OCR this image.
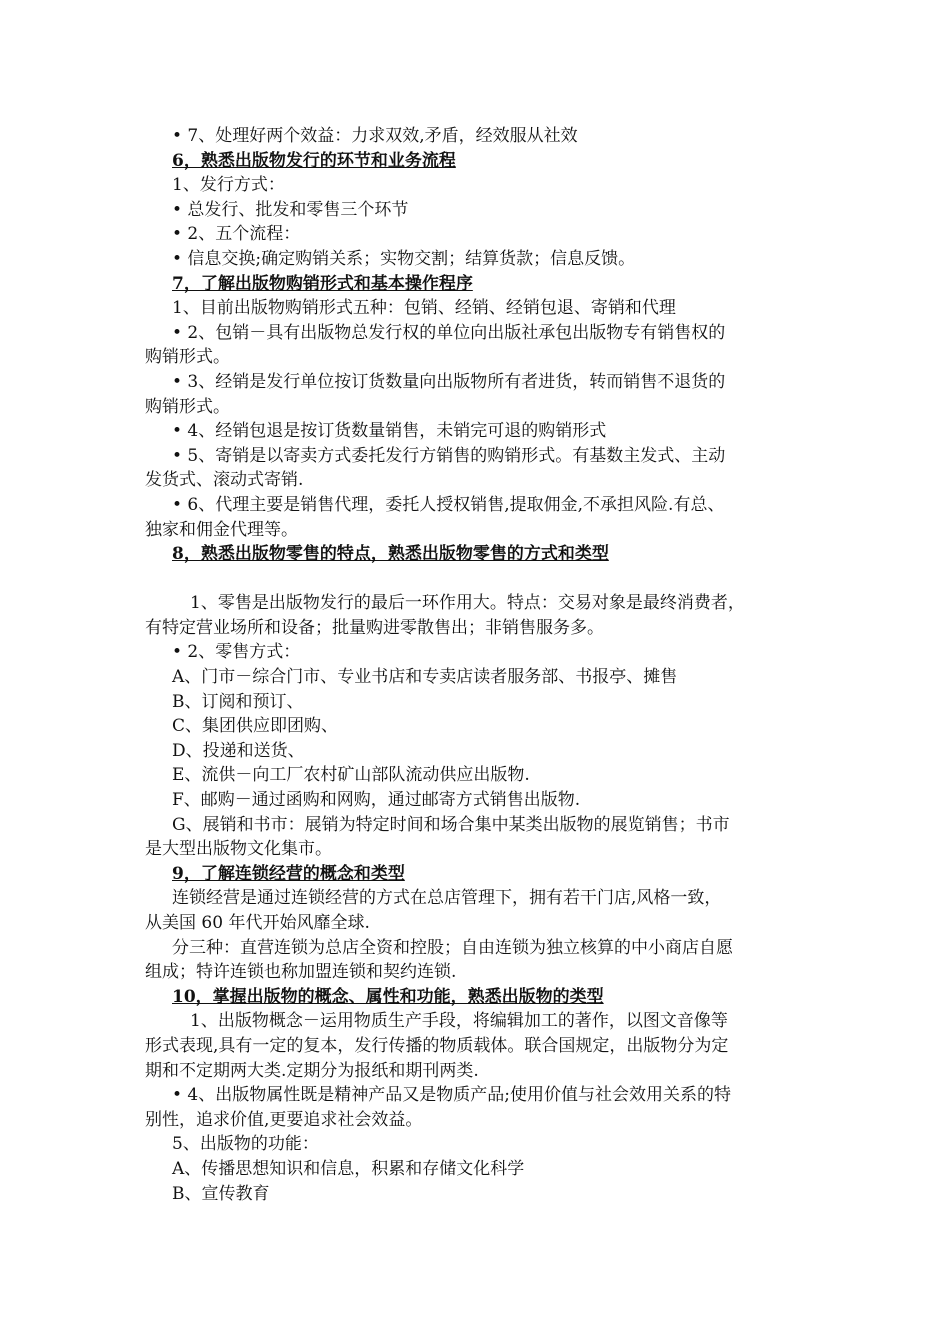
• 7、处理好两个效益：力求双效,矛盾，经效服从社效
6，熟悉出版物发行的环节和业务流程
1、发行方式：
• 总发行、批发和零售三个环节
• 2、五个流程：
• 信息交换;确定购销关系；实物交割；结算货款；信息反馈。
7，了解出版物购销形式和基本操作程序
1、目前出版物购销形式五种：包销、经销、经销包退、寄销和代理
• 2、包销－具有出版物总发行权的单位向出版社承包出版物专有销售权的
购销形式。
• 3、经销是发行单位按订货数量向出版物所有者进货，转而销售不退货的
购销形式。
• 4、经销包退是按订货数量销售，未销完可退的购销形式
• 5、寄销是以寄卖方式委托发行方销售的购销形式。有基数主发式、主动
发货式、滚动式寄销.
• 6、代理主要是销售代理，委托人授权销售,提取佣金,不承担风险.有总、
独家和佣金代理等。
8，熟悉出版物零售的特点，熟悉出版物零售的方式和类型
1、零售是出版物发行的最后一环作用大。特点：交易对象是最终消费者，
有特定营业场所和设备；批量购进零散售出；非销售服务多。
• 2、零售方式：
A、门市－综合门市、专业书店和专卖店读者服务部、书报亭、摊售
B、订阅和预订、
C、集团供应即团购、
D、投递和送货、
E、流供－向工厂农村矿山部队流动供应出版物.
F、邮购－通过函购和网购，通过邮寄方式销售出版物.
G、展销和书市：展销为特定时间和场合集中某类出版物的展览销售；书市
是大型出版物文化集市。
9，了解连锁经营的概念和类型
连锁经营是通过连锁经营的方式在总店管理下，拥有若干门店,风格一致，
从美国 60 年代开始风靡全球.
分三种：直营连锁为总店全资和控股；自由连锁为独立核算的中小商店自愿
组成；特许连锁也称加盟连锁和契约连锁.
10，掌握出版物的概念、属性和功能，熟悉出版物的类型
1、出版物概念－运用物质生产手段，将编辑加工的著作，以图文音像等
形式表现,具有一定的复本，发行传播的物质载体。联合国规定，出版物分为定
期和不定期两大类.定期分为报纸和期刊两类.
• 4、出版物属性既是精神产品又是物质产品;使用价值与社会效用关系的特
别性，追求价值,更要追求社会效益。
5、出版物的功能：
A、传播思想知识和信息，积累和存储文化科学
B、宣传教育
